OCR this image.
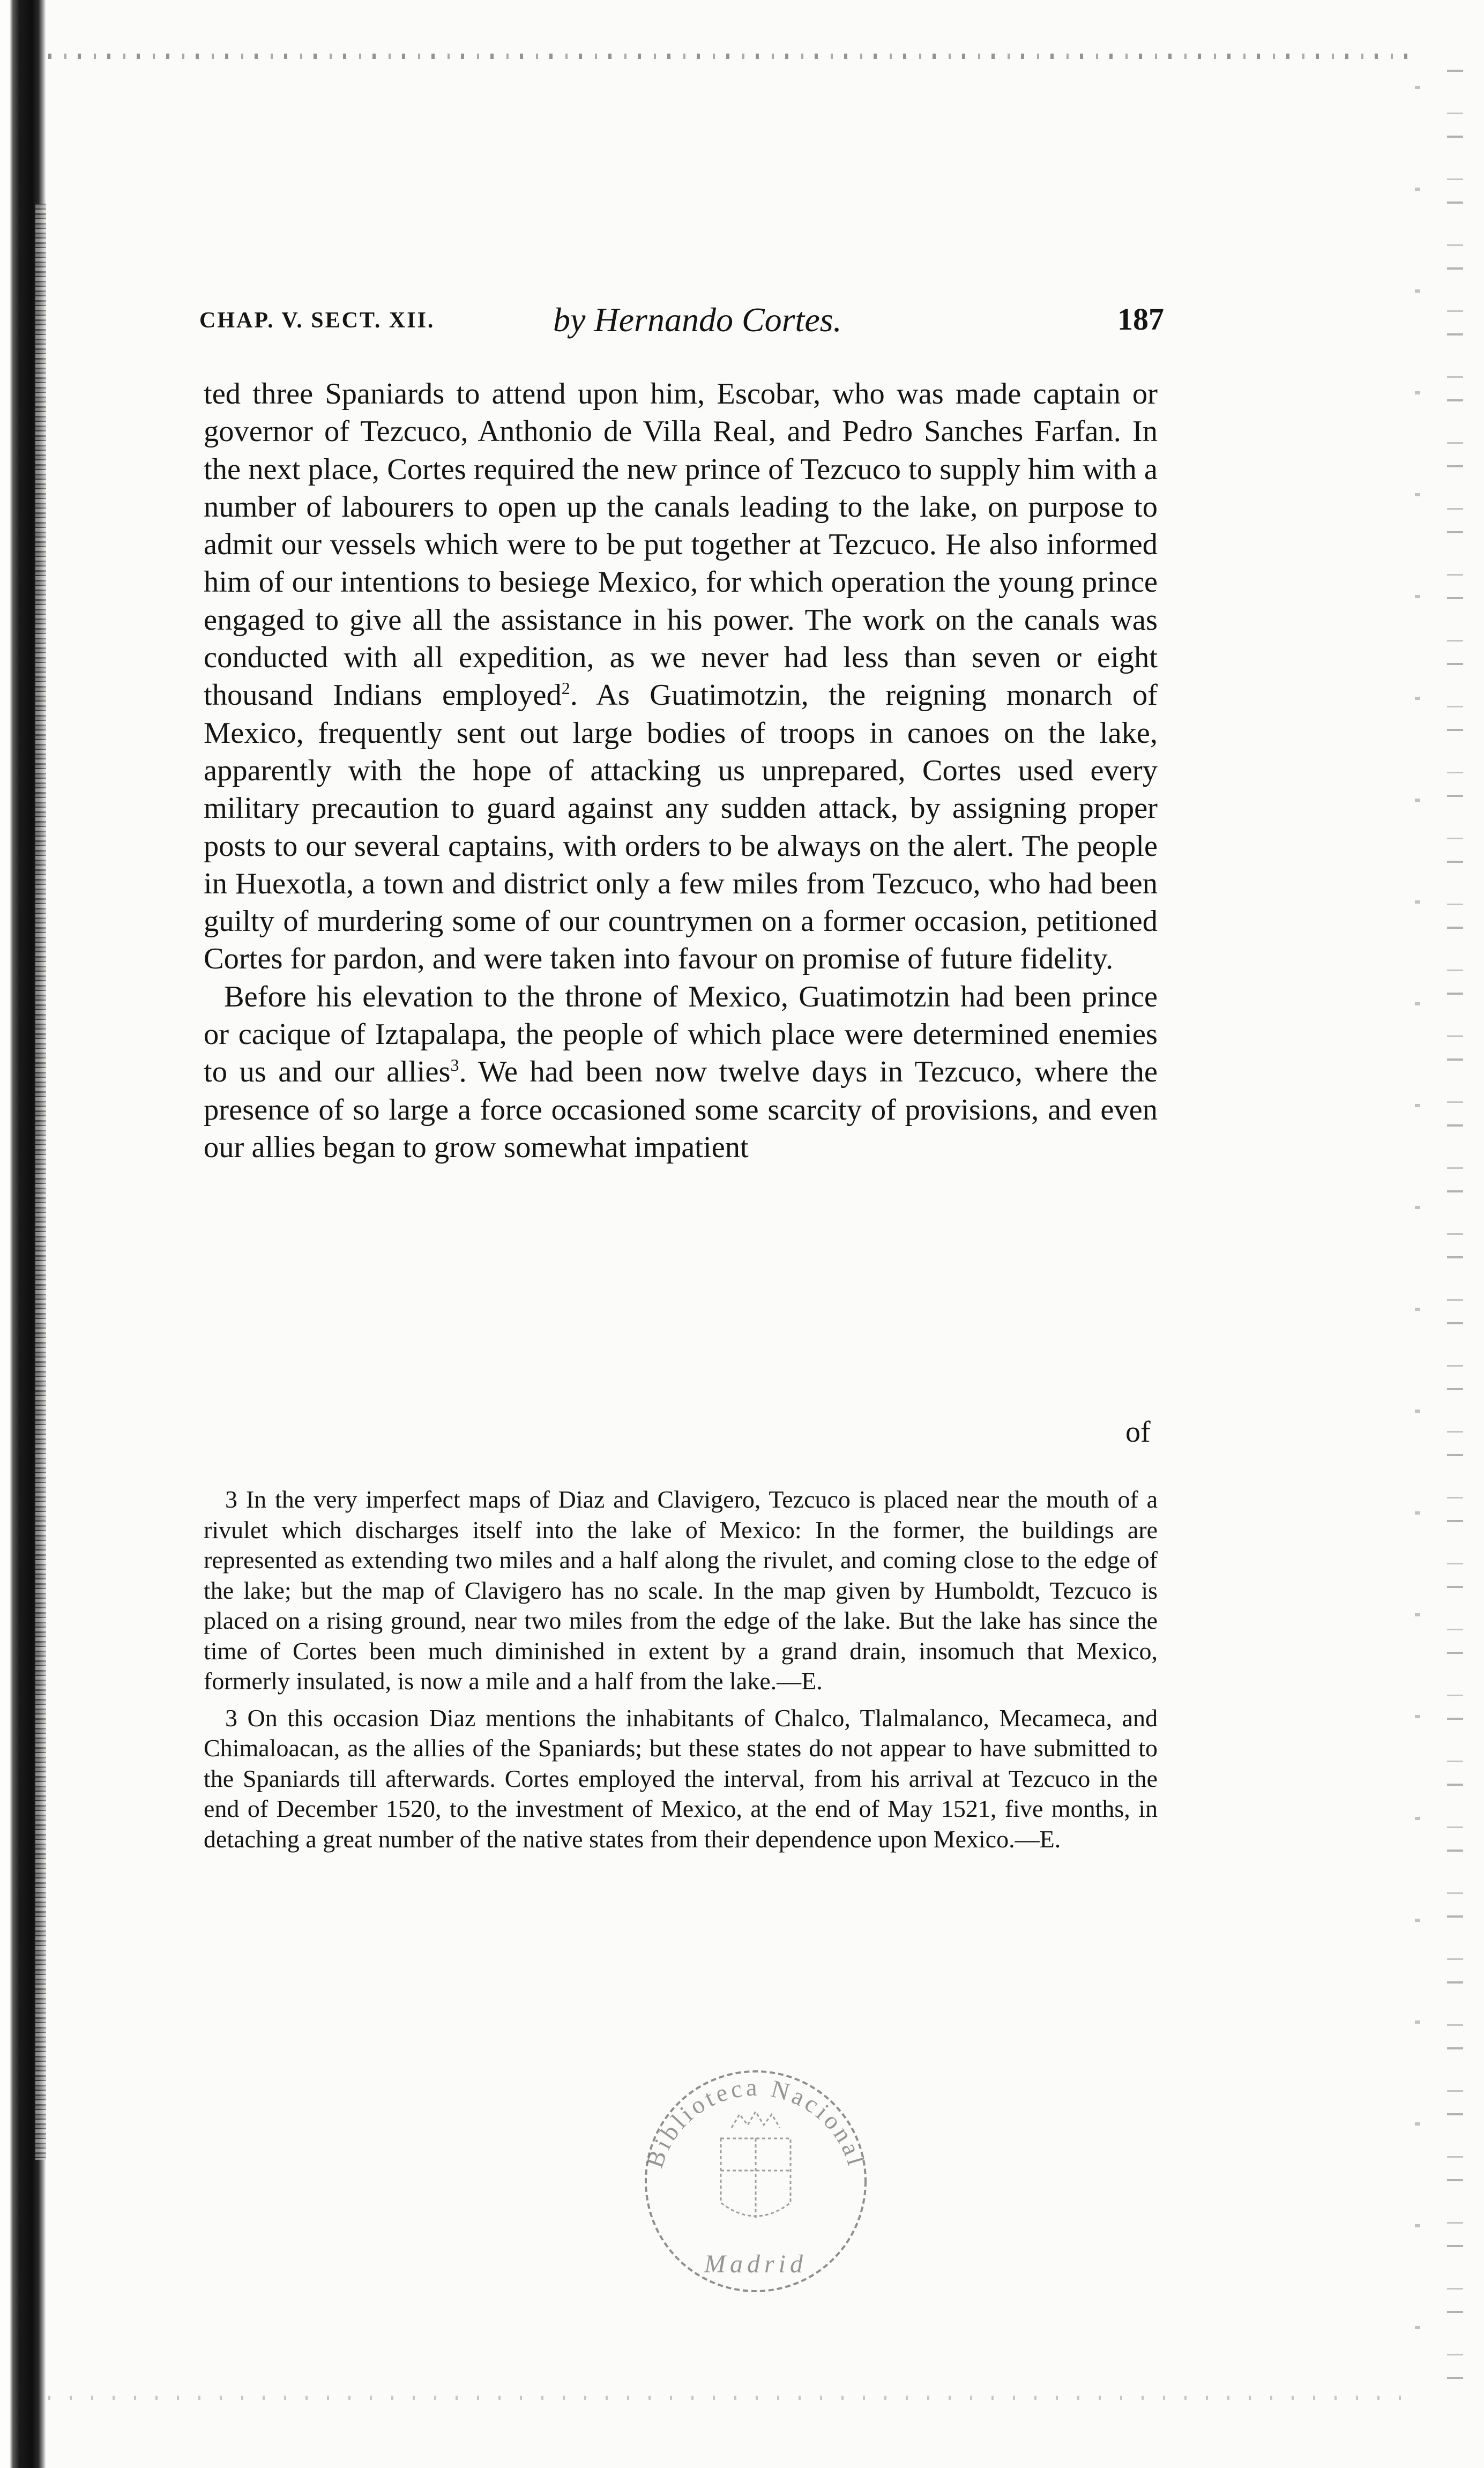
CHAP. V. SECT. XII.	by Hernando Cortes.	187

ted three Spaniards to attend upon him, Escobar, who was made captain or governor of Tezcuco, Anthonio de Villa Real, and Pedro Sanches Farfan. In the next place, Cortes required the new prince of Tezcuco to supply him with a number of labourers to open up the canals leading to the lake, on purpose to admit our vessels which were to be put together at Tezcuco. He also informed him of our intentions to besiege Mexico, for which operation the young prince engaged to give all the assistance in his power. The work on the canals was conducted with all expedition, as we never had less than seven or eight thousand Indians employed$^2$. As Guatimotzin, the reigning monarch of Mexico, frequently sent out large bodies of troops in canoes on the lake, apparently with the hope of attacking us unprepared, Cortes used every military precaution to guard against any sudden attack, by assigning proper posts to our several captains, with orders to be always on the alert. The people in Huexotla, a town and district only a few miles from Tezcuco, who had been guilty of murdering some of our countrymen on a former occasion, petitioned Cortes for pardon, and were taken into favour on promise of future fidelity.

Before his elevation to the throne of Mexico, Guatimotzin had been prince or cacique of Iztapalapa, the people of which place were determined enemies to us and our allies$^3$. We had been now twelve days in Tezcuco, where the presence of so large a force occasioned some scarcity of provisions, and even our allies began to grow somewhat impatient

of

3 In the very imperfect maps of Diaz and Clavigero, Tezcuco is placed near the mouth of a rivulet which discharges itself into the lake of Mexico: In the former, the buildings are represented as extending two miles and a half along the rivulet, and coming close to the edge of the lake; but the map of Clavigero has no scale. In the map given by Humboldt, Tezcuco is placed on a rising ground, near two miles from the edge of the lake. But the lake has since the time of Cortes been much diminished in extent by a grand drain, insomuch that Mexico, formerly insulated, is now a mile and a half from the lake.—E.

3 On this occasion Diaz mentions the inhabitants of Chalco, Tlalmalanco, Mecameca, and Chimaloacan, as the allies of the Spaniards; but these states do not appear to have submitted to the Spaniards till afterwards. Cortes employed the interval, from his arrival at Tezcuco in the end of December 1520, to the investment of Mexico, at the end of May 1521, five months, in detaching a great number of the native states from their dependence upon Mexico.—E.

Biblioteca Nacional
Madrid
